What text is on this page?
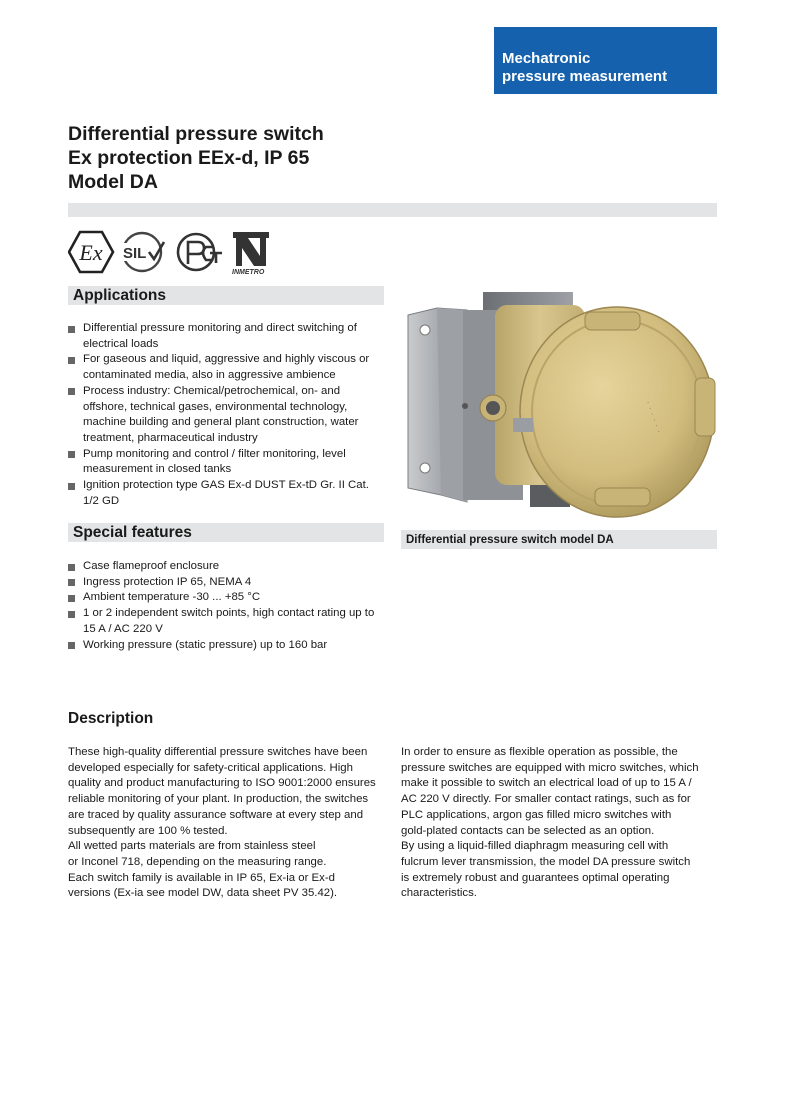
Mechatronic
pressure measurement
Differential pressure switch
Ex protection EEx-d, IP 65
Model DA
Ex SIL
INMETRO
Applications
Differential pressure monitoring and direct switching of
electrical loads
For gaseous and liquid, aggressive and highly viscous or
contaminated media, also in aggressive ambience
Process industry: Chemical/petrochemical, on- and
offshore, technical gases, environmental technology,
machine building and general plant construction, water
treatment, pharmaceutical industry
Pump monitoring and control / filter monitoring, level
measurement in closed tanks
Ignition protection type GAS Ex-d DUST Ex-tD Gr. II Cat.
1/2 GD
Special features
Case flameproof enclosure
Ingress protection IP 65, NEMA 4
Ambient temperature -30 ... +85 °C
1 or 2 independent switch points, high contact rating up to
15 A / AC 220 V
Working pressure (static pressure) up to 160 bar
· · · · · ·
Differential pressure switch model DA
Description
These high-quality differential pressure switches have been
developed especially for safety-critical applications. High
quality and product manufacturing to ISO 9001:2000 ensures
reliable monitoring of your plant. In production, the switches
are traced by quality assurance software at every step and
subsequently are 100 % tested.
All wetted parts materials are from stainless steel
or Inconel 718, depending on the measuring range.
Each switch family is available in IP 65, Ex-ia or Ex-d
versions (Ex-ia see model DW, data sheet PV 35.42).
In order to ensure as flexible operation as possible, the
pressure switches are equipped with micro switches, which
make it possible to switch an electrical load of up to 15 A /
AC 220 V directly. For smaller contact ratings, such as for
PLC applications, argon gas filled micro switches with
gold-plated contacts can be selected as an option.
By using a liquid-filled diaphragm measuring cell with
fulcrum lever transmission, the model DA pressure switch
is extremely robust and guarantees optimal operating
characteristics.
